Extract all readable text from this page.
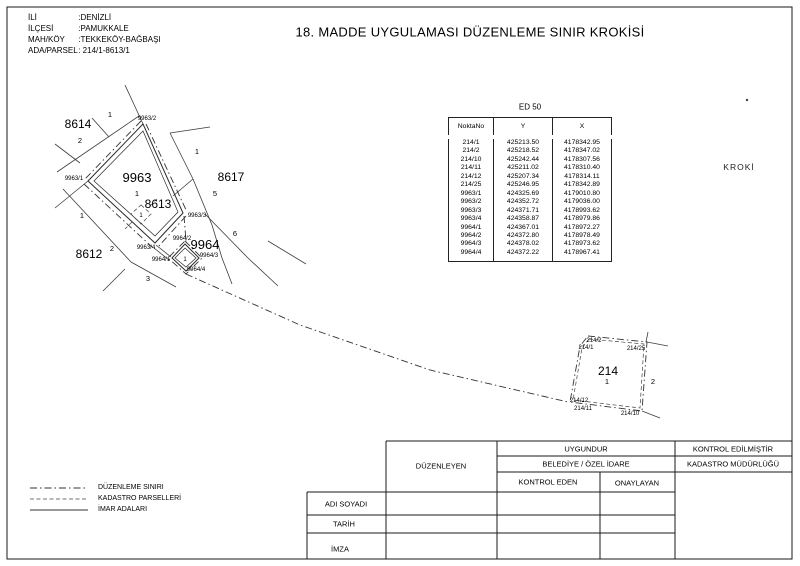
8614
9963
8613
8617
8612
9964
214
1
2
1
1
1
5
6
1
2
3
1
1	2
9963/2
9963/1
9963/3
9963/4
9964/2
9964/1
9964/3
9964/4
214/2
214/1	214/25
214/12
214/11
214/10
İLİ	:DENİZLİ
İLÇESİ	:PAMUKKALE
MAH/KÖY :TEKKEKÖY-BAĞBAŞI
ADA/PARSEL : 214/1-8613/1
18. MADDE UYGULAMASI DÜZENLEME SINIR KROKİSİ
KROKİ
ED 50
NoktaNo	Y	X
214/1	425213.50	4178342.95
214/2	425218.52	4178347.02
214/10	425242.44	4178307.56
214/11	425211.02	4178310.40
214/12	425207.34	4178314.11
214/25	425246.95	4178342.89
9963/1	424325.69	4179010.80
9963/2	424352.72	4179036.00
9963/3	424371.71	4178993.62
9963/4	424358.87	4178979.86
9964/1	424367.01	4178972.27
9964/2	424372.80	4178978.49
9964/3	424378.02	4178973.62
9964/4	424372.22	4178967.41

DÜZENLEME SINIRI
KADASTRO PARSELLERİ
İMAR ADALARI
DÜZENLEYEN
UYGUNDUR
BELEDİYE / ÖZEL İDARE
KONTROL EDEN	ONAYLAYAN
KONTROL EDİLMİŞTİR
KADASTRO MÜDÜRLÜĞÜ
ADI SOYADI
TARİH
İMZA
